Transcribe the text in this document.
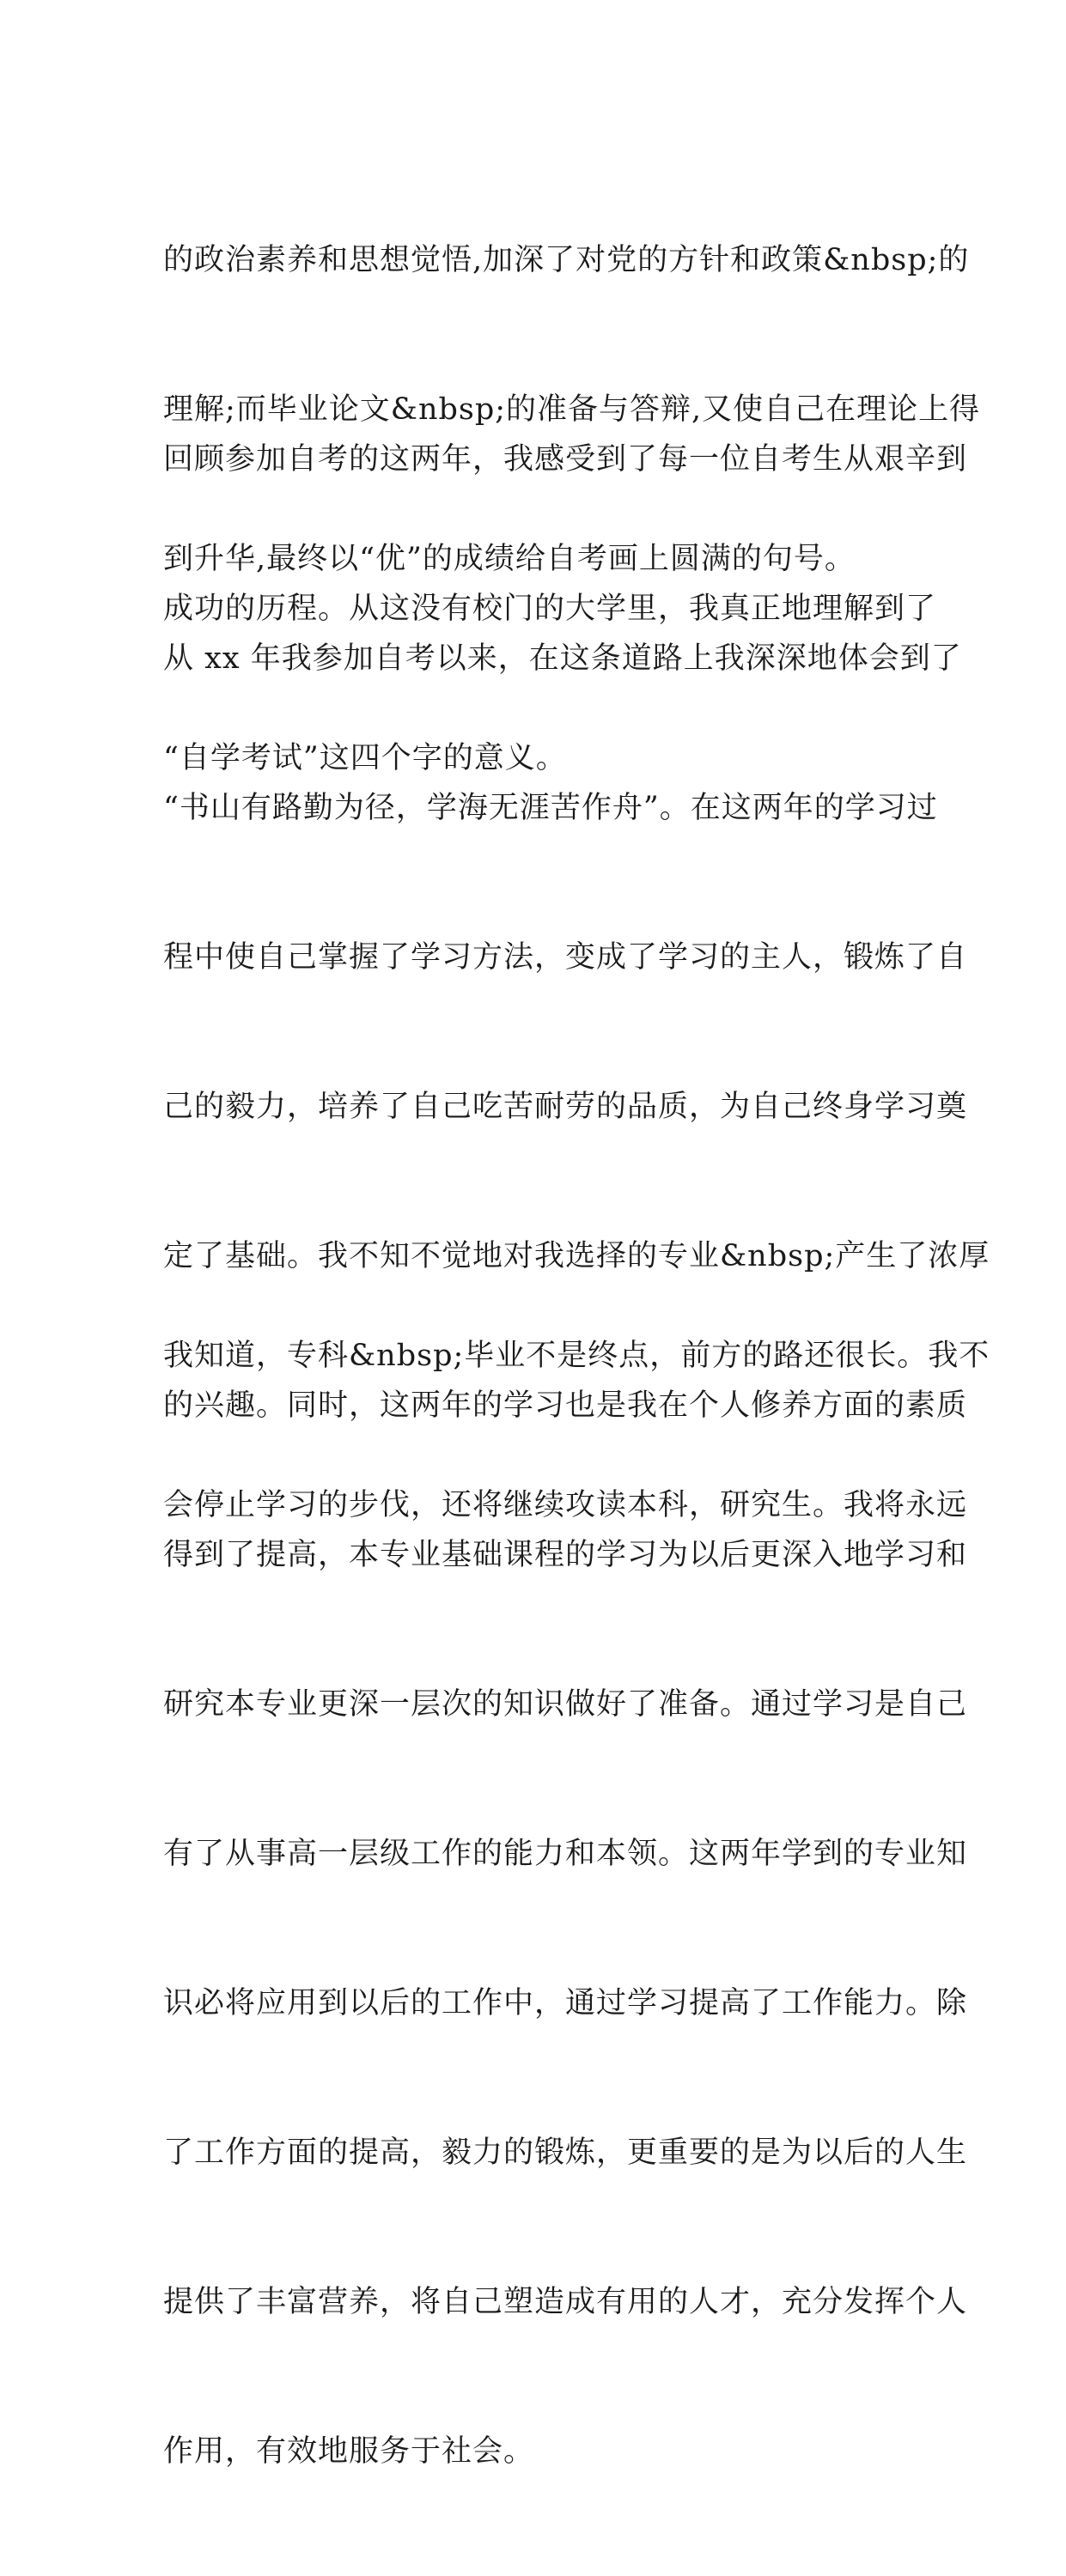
的政治素养和思想觉悟,加深了对党的方针和政策&nbsp;的

理解;而毕业论文&nbsp;的准备与答辩,又使自己在理论上得

到升华,最终以“优”的成绩给自考画上圆满的句号。

回顾参加自考的这两年，我感受到了每一位自考生从艰辛到

成功的历程。从这没有校门的大学里，我真正地理解到了

“自学考试”这四个字的意义。

从 xx 年我参加自考以来，在这条道路上我深深地体会到了

“书山有路勤为径，学海无涯苦作舟”。在这两年的学习过

程中使自己掌握了学习方法，变成了学习的主人，锻炼了自

己的毅力，培养了自己吃苦耐劳的品质，为自己终身学习奠

定了基础。我不知不觉地对我选择的专业&nbsp;产生了浓厚

的兴趣。同时，这两年的学习也是我在个人修养方面的素质

得到了提高，本专业基础课程的学习为以后更深入地学习和

研究本专业更深一层次的知识做好了准备。通过学习是自己

有了从事高一层级工作的能力和本领。这两年学到的专业知

识必将应用到以后的工作中，通过学习提高了工作能力。除

了工作方面的提高，毅力的锻炼，更重要的是为以后的人生

提供了丰富营养，将自己塑造成有用的人才，充分发挥个人

作用，有效地服务于社会。

我知道，专科&nbsp;毕业不是终点，前方的路还很长。我不

会停止学习的步伐，还将继续攻读本科，研究生。我将永远
